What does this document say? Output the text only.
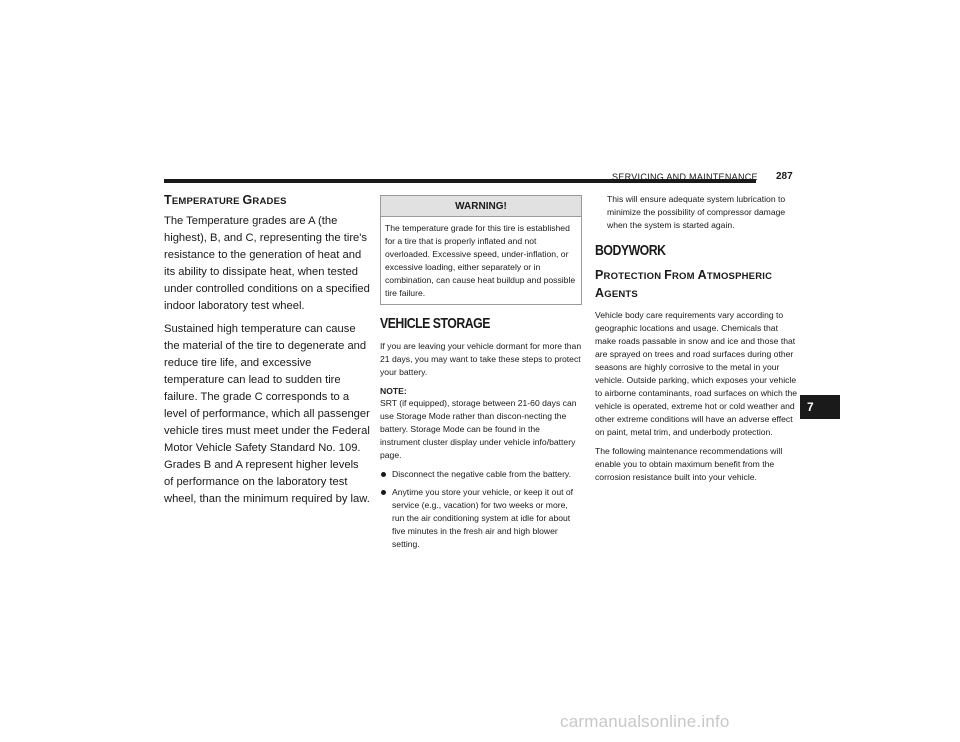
SERVICING AND MAINTENANCE 287
TEMPERATURE GRADES

The Temperature grades are A (the highest), B, and C, representing the tire's resistance to the generation of heat and its ability to dissipate heat, when tested under controlled conditions on a specified indoor laboratory test wheel.

Sustained high temperature can cause the material of the tire to degenerate and reduce tire life, and excessive temperature can lead to sudden tire failure. The grade C corresponds to a level of performance, which all passenger vehicle tires must meet under the Federal Motor Vehicle Safety Standard No. 109. Grades B and A represent higher levels of performance on the laboratory test wheel, than the minimum required by law.

WARNING!

The temperature grade for this tire is established for a tire that is properly inflated and not overloaded. Excessive speed, under-inflation, or excessive loading, either separately or in combination, can cause heat buildup and possible tire failure.

VEHICLE STORAGE

If you are leaving your vehicle dormant for more than 21 days, you may want to take these steps to protect your battery.

NOTE:

SRT (if equipped), storage between 21-60 days can use Storage Mode rather than discon-necting the battery. Storage Mode can be found in the instrument cluster display under vehicle info/battery page.

Disconnect the negative cable from the battery.
Anytime you store your vehicle, or keep it out of service (e.g., vacation) for two weeks or more, run the air conditioning system at idle for about five minutes in the fresh air and high blower setting.

This will ensure adequate system lubrication to minimize the possibility of compressor damage when the system is started again.

BODYWORK
PROTECTION FROM ATMOSPHERIC
AGENTS

Vehicle body care requirements vary according to geographic locations and usage. Chemicals that make roads passable in snow and ice and those that are sprayed on trees and road surfaces during other seasons are highly corrosive to the metal in your vehicle. Outside parking, which exposes your vehicle to airborne contaminants, road surfaces on which the vehicle is operated, extreme hot or cold weather and other extreme conditions will have an adverse effect on paint, metal trim, and underbody protection.

The following maintenance recommendations will enable you to obtain maximum benefit from the corrosion resistance built into your vehicle.

7
carmanualsonline.info
